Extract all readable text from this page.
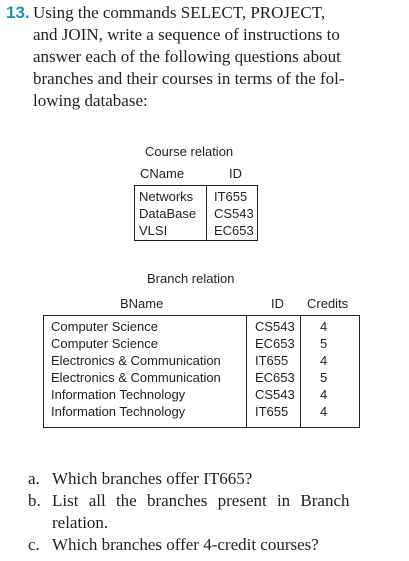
13. Using the commands SELECT, PROJECT,
and JOIN, write a sequence of instructions to
answer each of the following questions about
branches and their courses in terms of the fol-
lowing database:
Course relation
CName	ID
Networks IT655
DataBase CS543
VLSI	EC653
Branch relation
BName	ID Credits
Computer Science	CS543 4
Computer Science	EC653 5
Electronics & Communication	IT655 4
Electronics & Communication	EC653 5
Information Technology	CS543 4
Information Technology	IT655 4
a. Which branches offer IT665?
b. List all the branches present in Branch
relation.
c. Which branches offer 4-credit courses?
